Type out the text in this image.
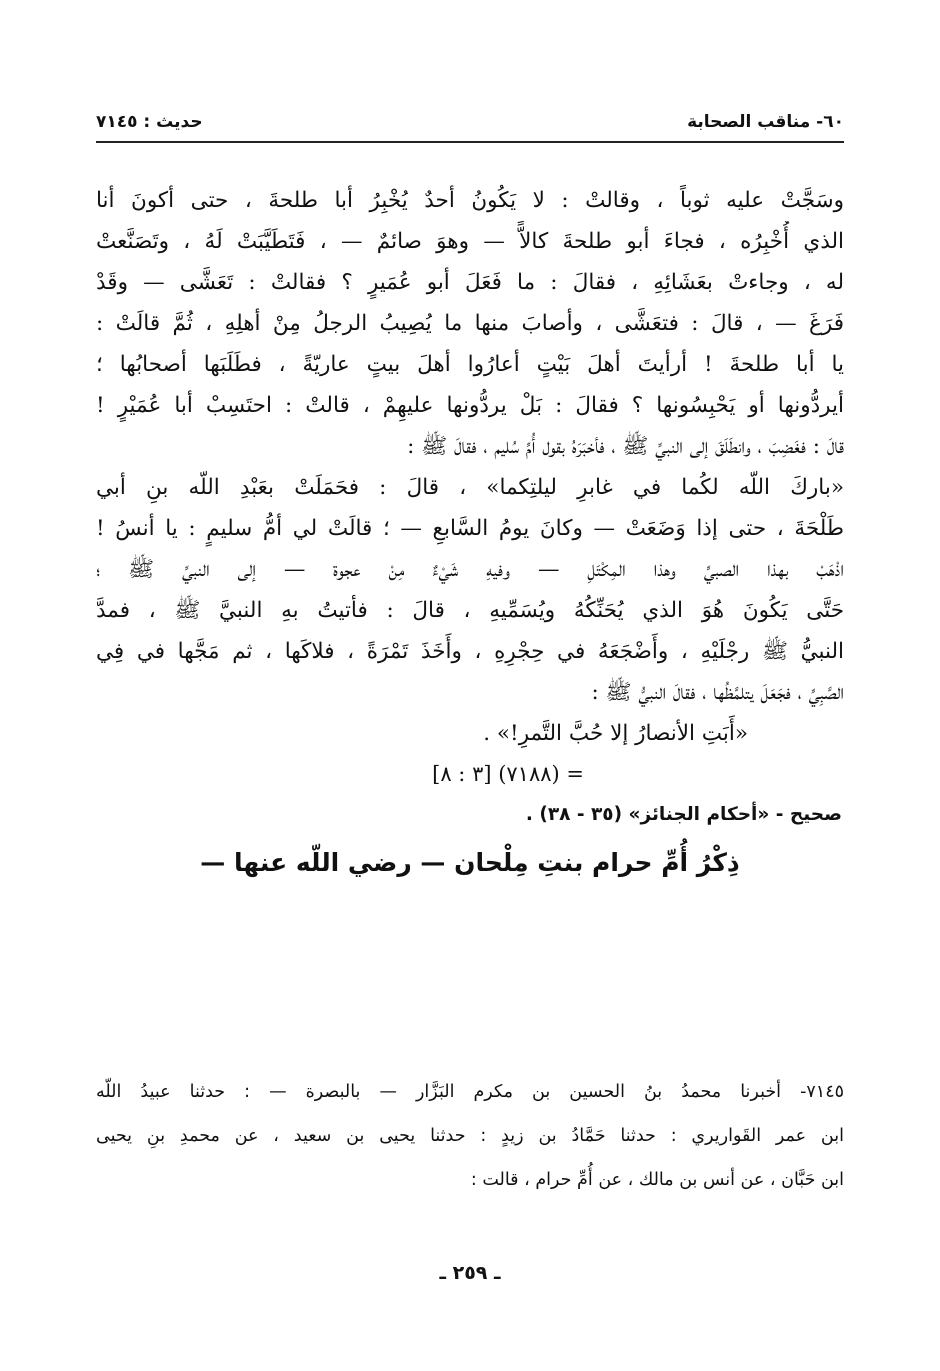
٦٠- مناقب الصحابة
حديث : ٧١٤٥
وسَجَّتْ عليه ثوباً ، وقالتْ : لا يَكُونُ أحدٌ يُخْبِرُ أبا طلحةَ ، حتى أكونَ أنا
الذي أُخْبِرُه ، فجاءَ أبو طلحةَ كالاًّ — وهوَ صائمٌ — ، فَتَطَيَّبَتْ لَهُ ، وتَصَنَّعتْ
له ، وجاءتْ بعَشَائِهِ ، فقالَ : ما فَعَلَ أبو عُمَيرٍ ؟ فقالتْ : تَعَشَّى — وقَدْ
فَرَغَ — ، قالَ : فتعَشَّى ، وأصابَ منها ما يُصِيبُ الرجلُ مِنْ أهلِهِ ، ثُمَّ قالَتْ :
يا أبا طلحةَ ! أرأيتَ أهلَ بَيْتٍ أعارُوا أهلَ بيتٍ عاريّةً ، فطَلَبَها أصحابُها ؛
أيردُّونها أو يَحْبِسُونها ؟ فقالَ : بَلْ يردُّونها عليهِمْ ، قالتْ : احتَسِبْ أبا عُمَيْرٍ !
قالَ : فغَضِبَ ، وانطَلَقَ إلى النبيِّ ﷺ ، فأخبَرَهُ بقول أُمِّ سُليم ، فقالَ ﷺ :
«باركَ اللّه لكُما في غابرِ ليلتِكما» ، قالَ : فحَمَلَتْ بعَبْدِ اللّه بنِ أبي
طَلْحَةَ ، حتى إذا وَضَعَتْ — وكانَ يومُ السَّابعِ — ؛ قالَتْ لي أمُّ سليمٍ : يا أنسُ !
اذْهَبْ بهذا الصبيِّ وهذا المِكْتَلِ — وفيهِ شَيْءٌ مِنْ عجوة — إلى النبيِّ ﷺ ؛
حَتَّى يَكُونَ هُوَ الذي يُحَنِّكُهُ ويُسَمِّيهِ ، قالَ : فأتيتُ بهِ النبيَّ ﷺ ، فمدَّ
النبيُّ ﷺ رجْلَيْهِ ، وأَضْجَعَهُ في حِجْرِهِ ، وأَخَذَ تَمْرَةً ، فلاكَها ، ثم مَجَّها في فِي
الصَّبِيِّ ، فجَعَلَ يتلمَّظُها ، فقالَ النبيُّ ﷺ :
«أَبَتِ الأنصارُ إلا حُبَّ التَّمرِ!» .
= (٧١٨٨) [٣ : ٨]
صحيح - «أحكام الجنائز» (٣٥ - ٣٨) .
ذِكْرُ أُمِّ حرام بنتِ مِلْحان — رضي اللّه عنها —
٧١٤٥- أخبرنا محمدُ بنُ الحسين بن مكرم البَزَّار — بالبصرة — : حدثنا عبيدُ اللّه
ابن عمر القَواريري : حدثنا حَمَّادُ بن زيدٍ : حدثنا يحيى بن سعيد ، عن محمدِ بنِ يحيى
ابن حَبَّان ، عن أنس بن مالك ، عن أُمِّ حرام ، قالت :
ـ ٢٥٩ ـ
